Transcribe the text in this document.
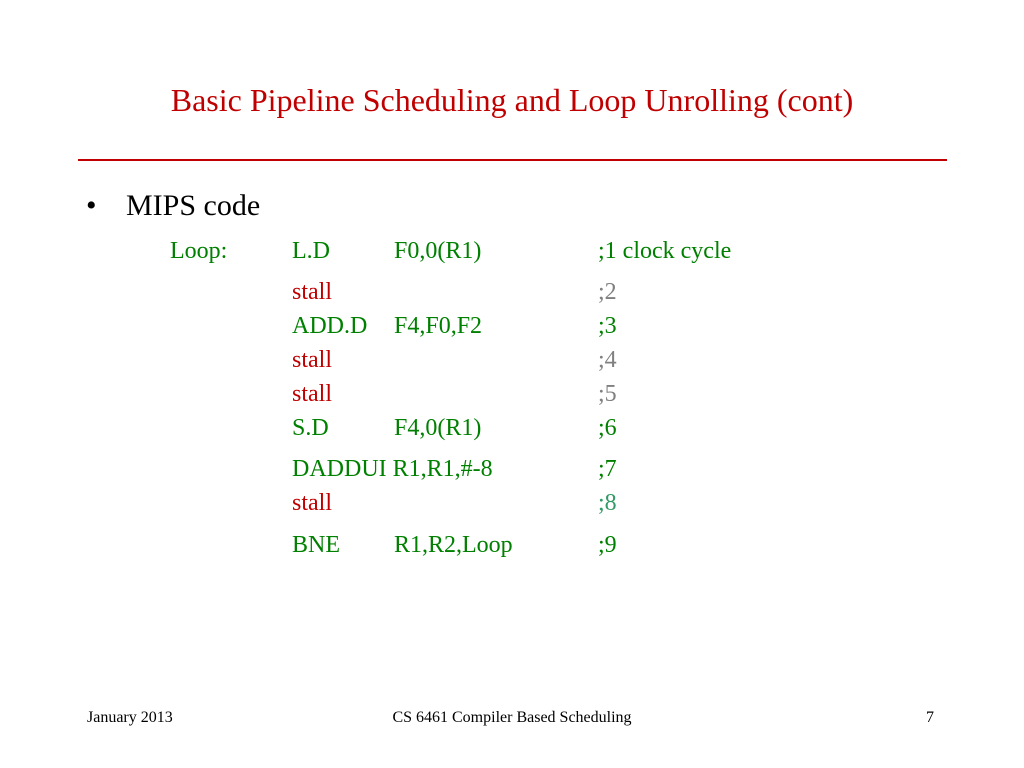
Basic Pipeline Scheduling and Loop Unrolling (cont)
• MIPS code
Loop:	L.D	F0,0(R1)	;1 clock cycle
stall	;2
ADD.D F4,F0,F2	;3
stall	;4
stall	;5
S.D	F4,0(R1)	;6
DADDUI R1,R1,#-8	;7
stall	;8
BNE R1,R2,Loop	;9
January 2013	CS 6461 Compiler Based Scheduling	7
